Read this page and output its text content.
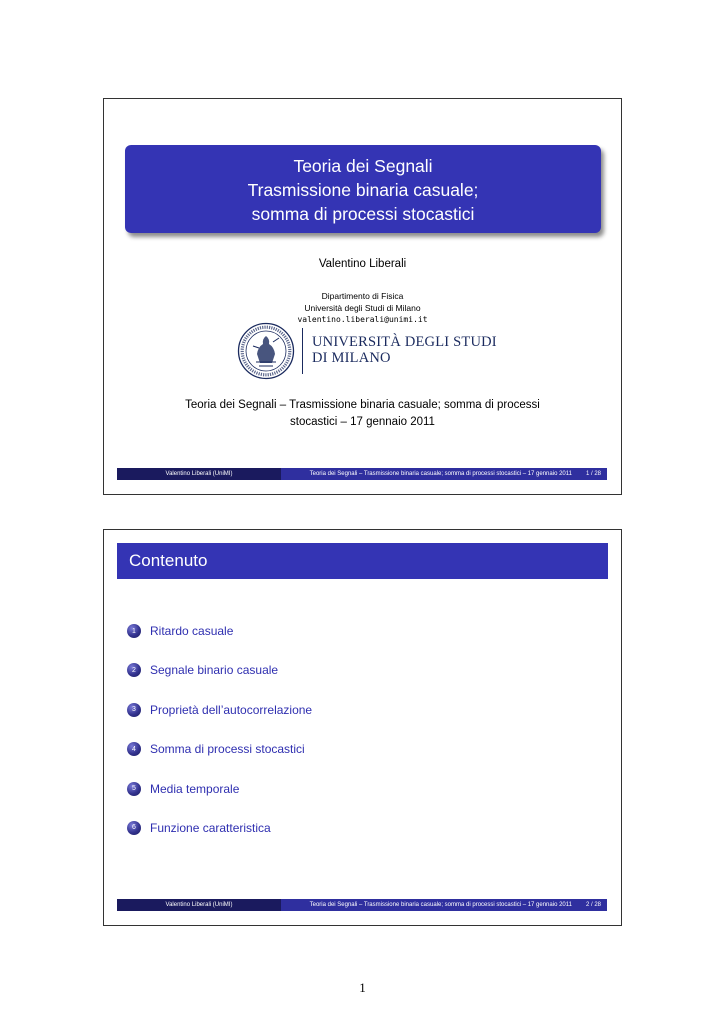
Teoria dei Segnali
Trasmissione binaria casuale;
somma di processi stocastici
Valentino Liberali
Dipartimento di Fisica
Università degli Studi di Milano
valentino.liberali@unimi.it
UNIVERSITÀ DEGLI STUDI
DI MILANO
Teoria dei Segnali – Trasmissione binaria casuale; somma di processi
stocastici – 17 gennaio 2011
Valentino Liberali (UniMI)	Teoria dei Segnali – Trasmissione binaria casuale; somma di processi stocastici – 17 gennaio 2011 1 / 28
Contenuto
1	Ritardo casuale
2	Segnale binario casuale
3	Proprietà dell’autocorrelazione
4	Somma di processi stocastici
5	Media temporale
6	Funzione caratteristica
Valentino Liberali (UniMI)	Teoria dei Segnali – Trasmissione binaria casuale; somma di processi stocastici – 17 gennaio 2011 2 / 28
1
